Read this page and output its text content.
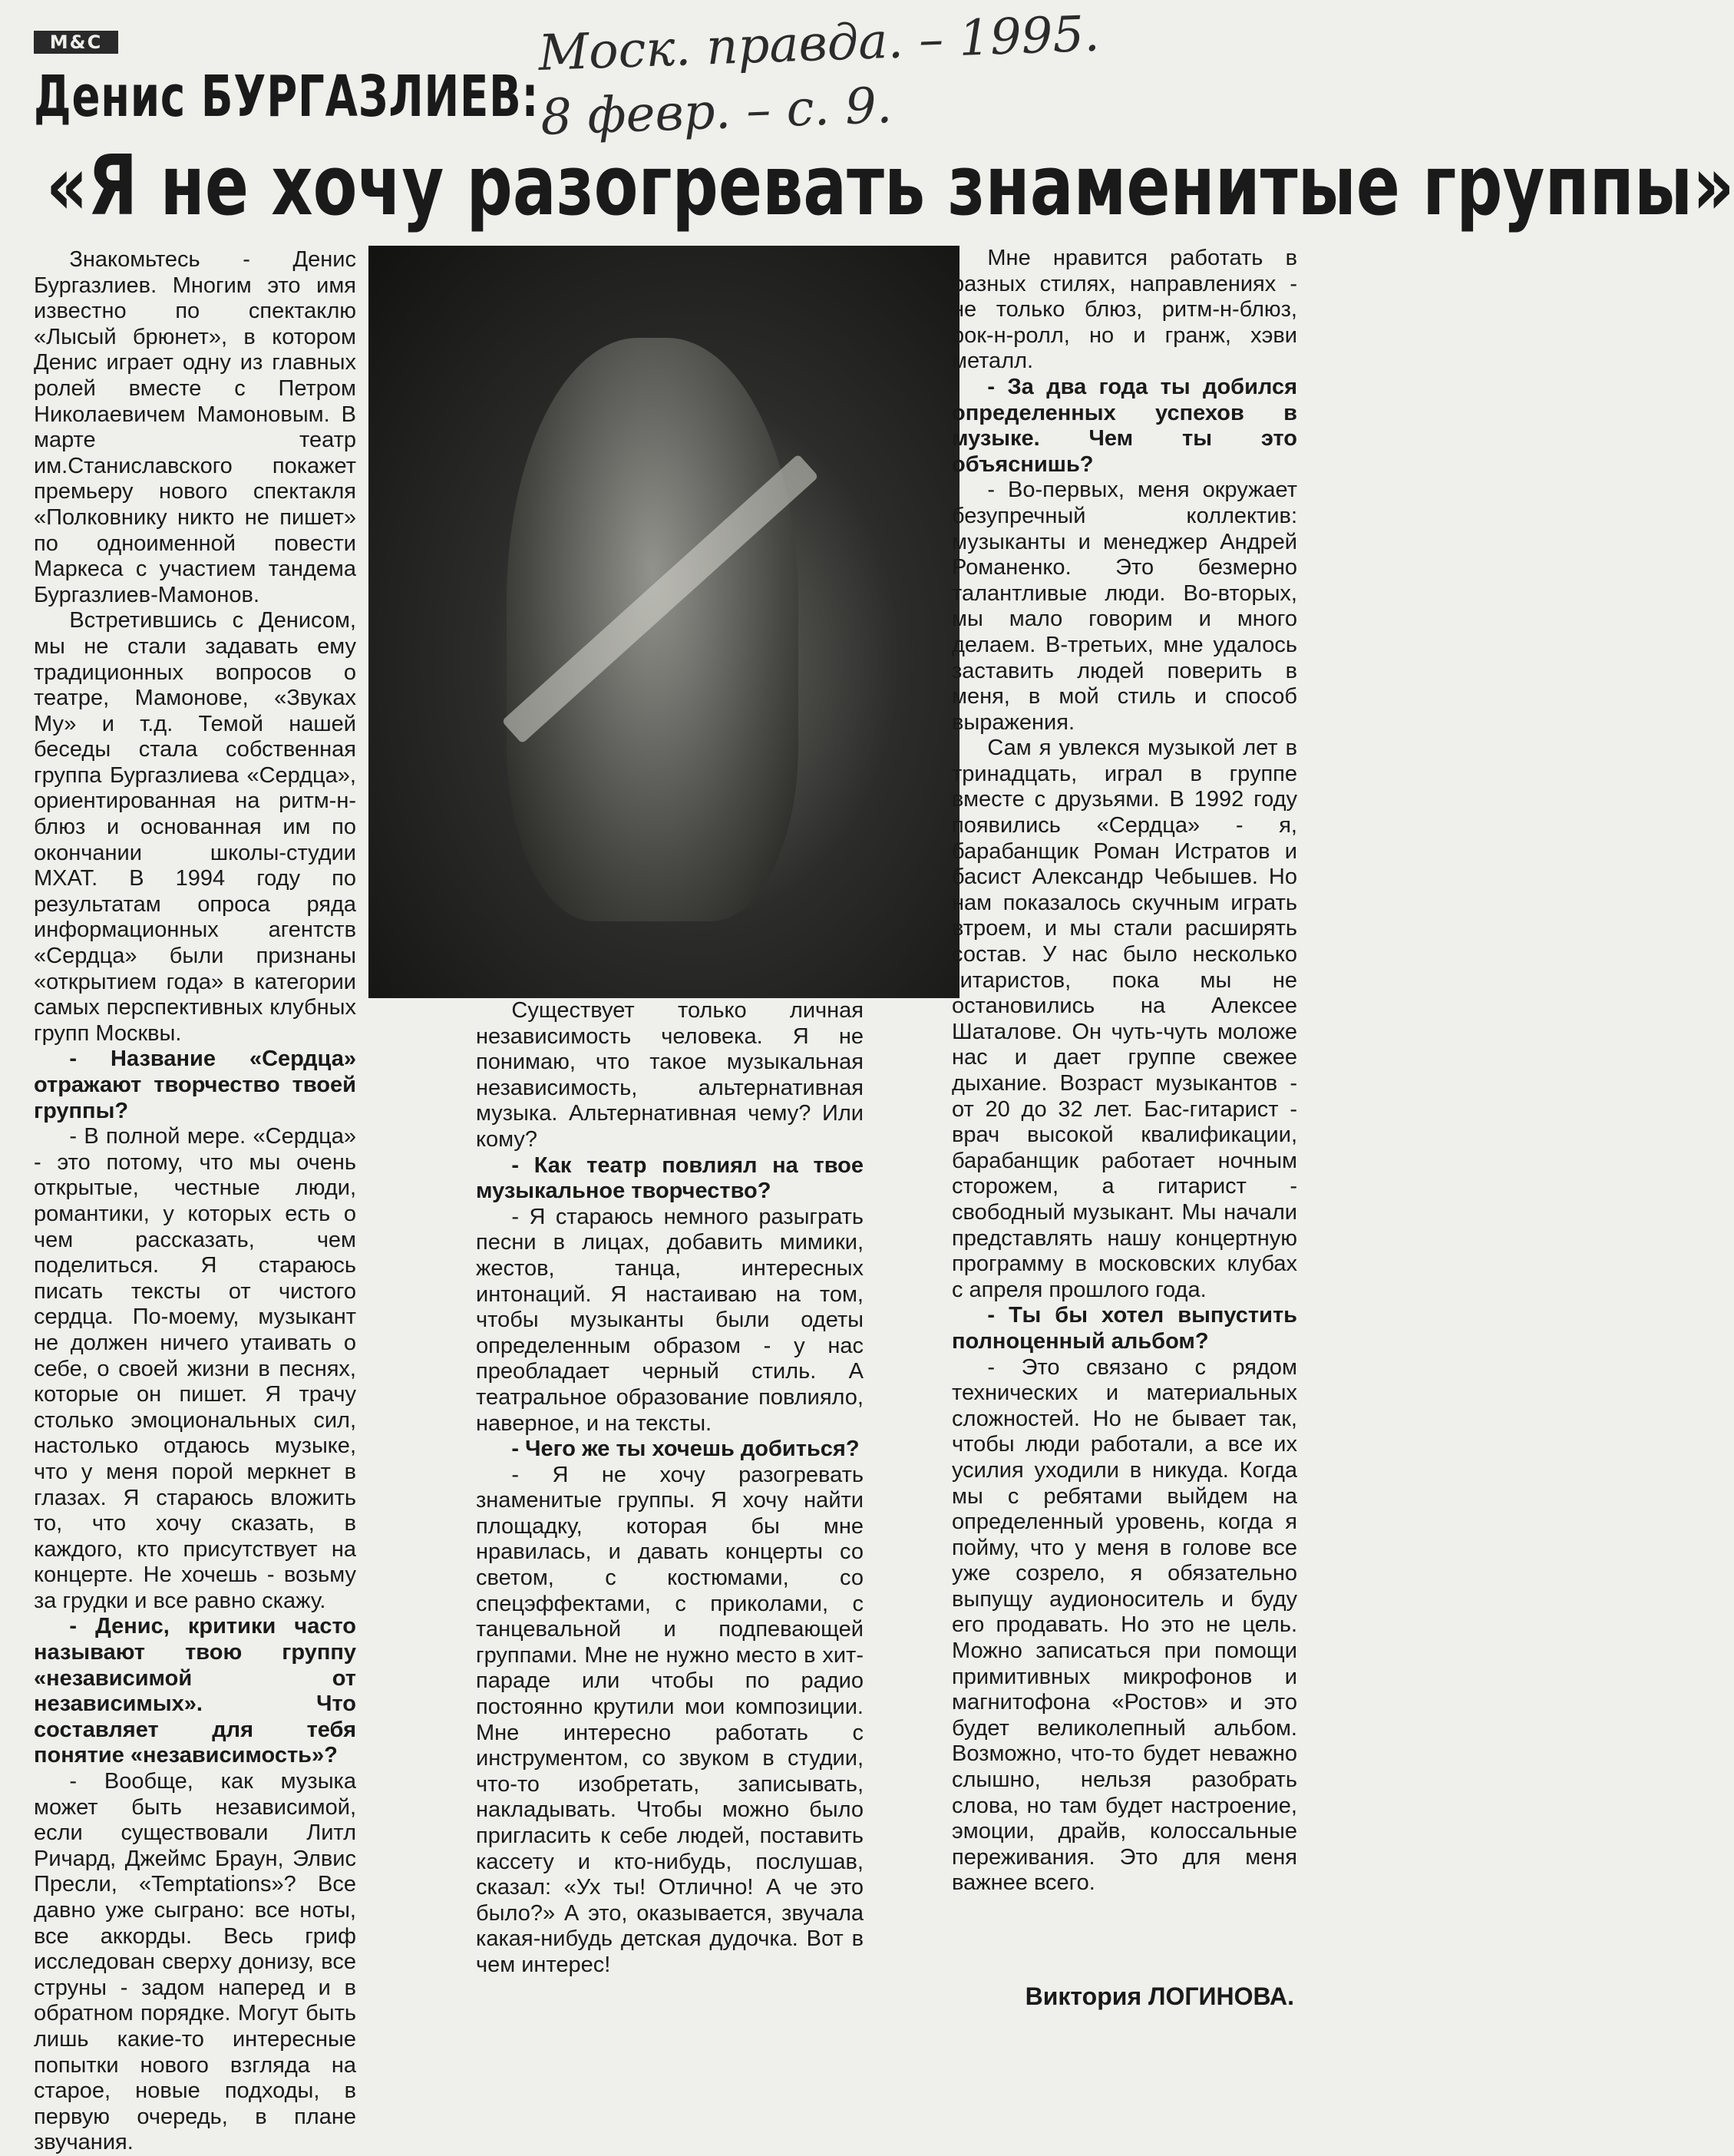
M&C	Моск. правда. – 1995.
8 февр. – с. 9.
Денис БУРГАЗЛИЕВ:
«Я не хочу разогревать знаменитые группы»

Знакомьтесь - Денис Бургазлиев. Многим это имя известно по спектаклю «Лысый брюнет», в котором Денис играет одну из главных ролей вместе с Петром Николаевичем Мамоновым. В марте театр им.Станиславского покажет премьеру нового спектакля «Полковнику никто не пишет» по одноименной повести Маркеса с участием тандема Бургазлиев-Мамонов.

Встретившись с Денисом, мы не стали задавать ему традиционных вопросов о театре, Мамонове, «Звуках Му» и т.д. Темой нашей беседы стала собственная группа Бургазлиева «Сердца», ориентированная на ритм-н-блюз и основанная им по окончании школы-студии МХАТ. В 1994 году по результатам опроса ряда информационных агентств «Сердца» были признаны «открытием года» в категории самых перспективных клубных групп Москвы.

- Название «Сердца» отражают творчество твоей группы?

- В полной мере. «Сердца» - это потому, что мы очень открытые, честные люди, романтики, у которых есть о чем рассказать, чем поделиться. Я стараюсь писать тексты от чистого сердца. По-моему, музыкант не должен ничего утаивать о себе, о своей жизни в песнях, которые он пишет. Я трачу столько эмоциональных сил, настолько отдаюсь музыке, что у меня порой меркнет в глазах. Я стараюсь вложить то, что хочу сказать, в каждого, кто присутствует на концерте. Не хочешь - возьму за грудки и все равно скажу.

- Денис, критики часто называют твою группу «независимой от независимых». Что составляет для тебя понятие «независимость»?

- Вообще, как музыка может быть независимой, если существовали Литл Ричард, Джеймс Браун, Элвис Пресли, «Temptations»? Все давно уже сыграно: все ноты, все аккорды. Весь гриф исследован сверху донизу, все струны - задом наперед и в обратном порядке. Могут быть лишь какие-то интересные попытки нового взгляда на старое, новые подходы, в первую очередь, в плане звучания.

Существует только личная независимость человека. Я не понимаю, что такое музыкальная независимость, альтернативная музыка. Альтернативная чему? Или кому?

- Как театр повлиял на твое музыкальное творчество?

- Я стараюсь немного разыграть песни в лицах, добавить мимики, жестов, танца, интересных интонаций. Я настаиваю на том, чтобы музыканты были одеты определенным образом - у нас преобладает черный стиль. А театральное образование повлияло, наверное, и на тексты.

- Чего же ты хочешь добиться?

- Я не хочу разогревать знаменитые группы. Я хочу найти площадку, которая бы мне нравилась, и давать концерты со светом, с костюмами, со спецэффектами, с приколами, с танцевальной и подпевающей группами. Мне не нужно место в хит-параде или чтобы по радио постоянно крутили мои композиции. Мне интересно работать с инструментом, со звуком в студии, что-то изобретать, записывать, накладывать. Чтобы можно было пригласить к себе людей, поставить кассету и кто-нибудь, послушав, сказал: «Ух ты! Отлично! А че это было?» А это, оказывается, звучала какая-нибудь детская дудочка. Вот в чем интерес!

Мне нравится работать в разных стилях, направлениях - не только блюз, ритм-н-блюз, рок-н-ролл, но и гранж, хэви металл.

- За два года ты добился определенных успехов в музыке. Чем ты это объяснишь?

- Во-первых, меня окружает безупречный коллектив: музыканты и менеджер Андрей Романенко. Это безмерно талантливые люди. Во-вторых, мы мало говорим и много делаем. В-третьих, мне удалось заставить людей поверить в меня, в мой стиль и способ выражения.

Сам я увлекся музыкой лет в тринадцать, играл в группе вместе с друзьями. В 1992 году появились «Сердца» - я, барабанщик Роман Истратов и басист Александр Чебышев. Но нам показалось скучным играть втроем, и мы стали расширять состав. У нас было несколько гитаристов, пока мы не остановились на Алексее Шаталове. Он чуть-чуть моложе нас и дает группе свежее дыхание. Возраст музыкантов - от 20 до 32 лет. Бас-гитарист - врач высокой квалификации, барабанщик работает ночным сторожем, а гитарист - свободный музыкант. Мы начали представлять нашу концертную программу в московских клубах с апреля прошлого года.

- Ты бы хотел выпустить полноценный альбом?

- Это связано с рядом технических и материальных сложностей. Но не бывает так, чтобы люди работали, а все их усилия уходили в никуда. Когда мы с ребятами выйдем на определенный уровень, когда я пойму, что у меня в голове все уже созрело, я обязательно выпущу аудионоситель и буду его продавать. Но это не цель. Можно записаться при помощи примитивных микрофонов и магнитофона «Ростов» и это будет великолепный альбом. Возможно, что-то будет неважно слышно, нельзя разобрать слова, но там будет настроение, эмоции, драйв, колоссальные переживания. Это для меня важнее всего.

Виктория ЛОГИНОВА.
